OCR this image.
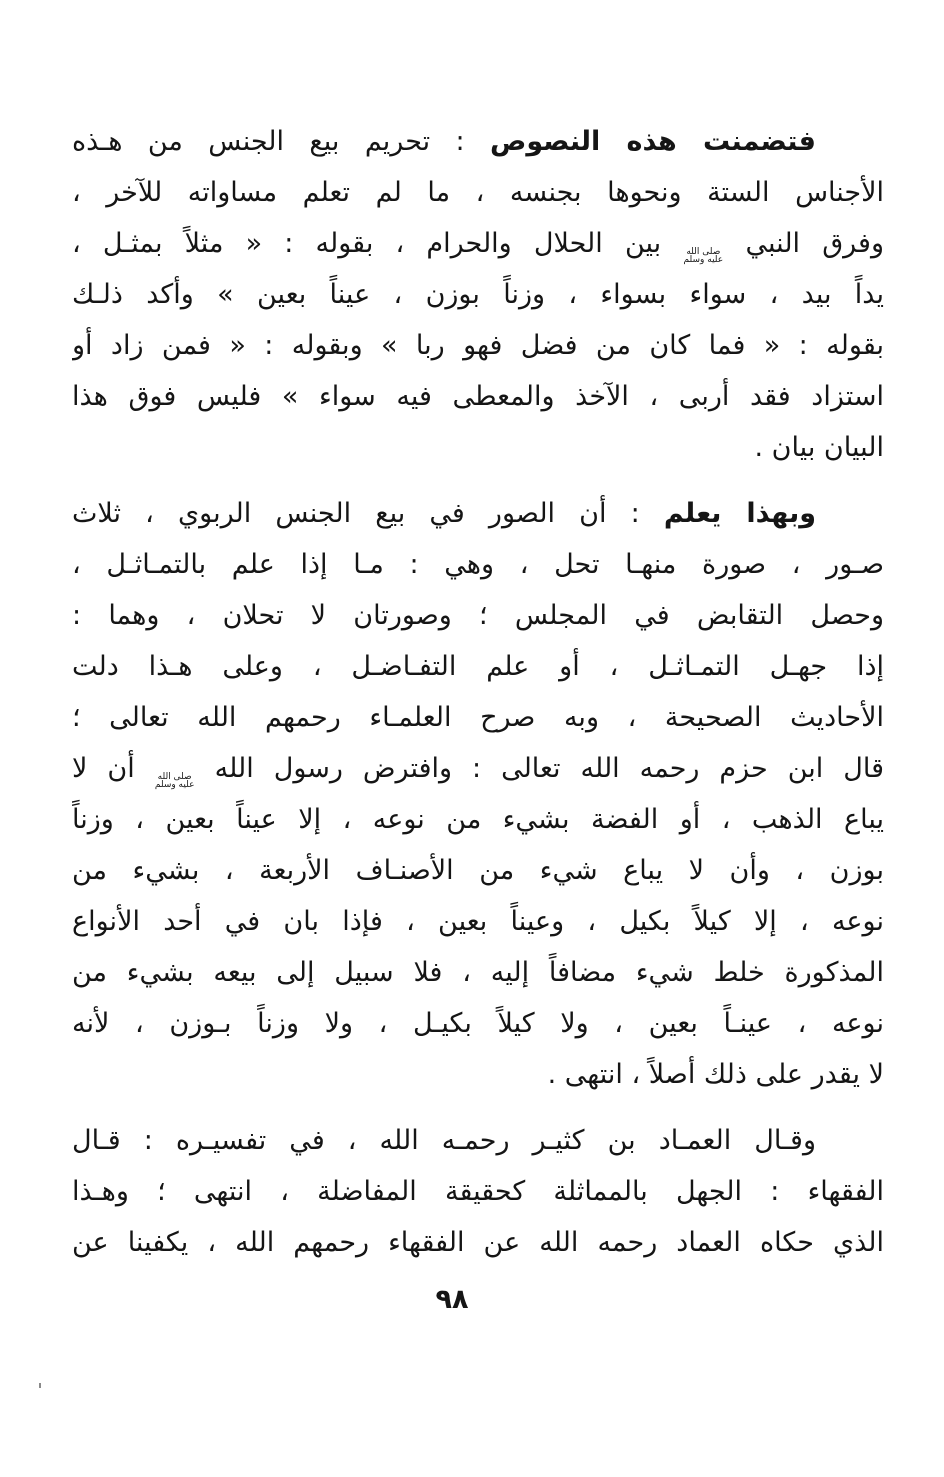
فتضمنت هذه النصوص : تحريم بيع الجنس من هـذه
الأجناس الستة ونحوها بجنسه ، ما لم تعلم مساواته للآخر ،
وفرق النبي صلى الله عليه وسلم بين الحلال والحرام ، بقوله : « مثلاً بمثـل ،
يداً بيد ، سواء بسواء ، وزناً بوزن ، عيناً بعين » وأكد ذلـك
بقوله : « فما كان من فضل فهو ربا » وبقوله : « فمن زاد أو
استزاد فقد أربى ، الآخذ والمعطى فيه سواء » فليس فوق هذا
البيان بيان .
وبهذا يعلم : أن الصور في بيع الجنس الربوي ، ثلاث
صـور ، صورة منهـا تحل ، وهي : مـا إذا علم بالتمـاثـل ،
وحصل التقابض في المجلس ؛ وصورتان لا تحلان ، وهما :
إذا جهـل التمـاثـل ، أو علم التفـاضـل ، وعلى هـذا دلت
الأحاديث الصحيحة ، وبه صرح العلمـاء رحمهم الله تعالى ؛
قال ابن حزم رحمه الله تعالى : وافترض رسول الله صلى الله عليه وسلم أن لا
يباع الذهب ، أو الفضة بشيء من نوعه ، إلا عيناً بعين ، وزناً
بوزن ، وأن لا يباع شيء من الأصنـاف الأربعة ، بشيء من
نوعه ، إلا كيلاً بكيل ، وعيناً بعين ، فإذا بان في أحد الأنواع
المذكورة خلط شيء مضافاً إليه ، فلا سبيل إلى بيعه بشيء من
نوعه ، عينـاً بعين ، ولا كيلاً بكيـل ، ولا وزناً بـوزن ، لأنه
لا يقدر على ذلك أصلاً ، انتهى .
وقـال العمـاد بن كثيـر رحمـه الله ، في تفسيـره : قـال
الفقهاء : الجهل بالمماثلة كحقيقة المفاضلة ، انتهى ؛ وهـذا
الذي حكاه العماد رحمه الله عن الفقهاء رحمهم الله ، يكفينا عن
٩٨
